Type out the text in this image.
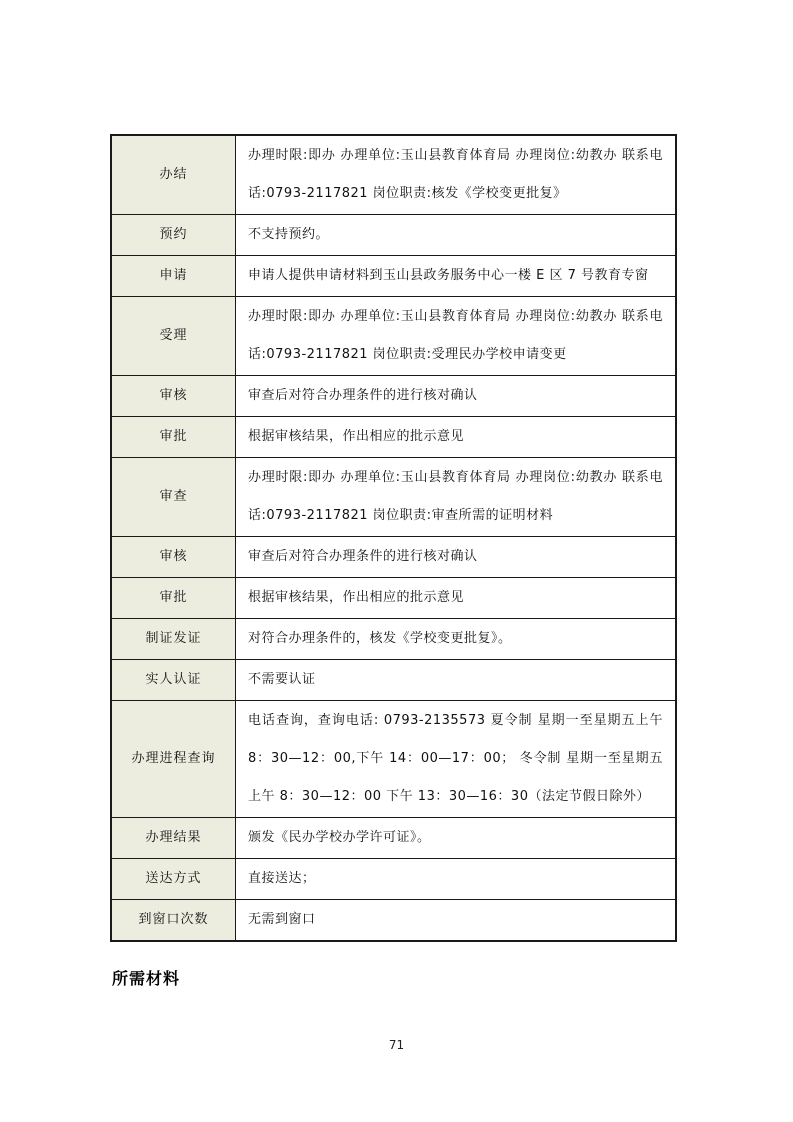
办结	办理时限:即办 办理单位:玉山县教育体育局 办理岗位:幼教办 联系电话:0793-2117821 岗位职责:核发《学校变更批复》
预约	不支持预约。
申请	申请人提供申请材料到玉山县政务服务中心一楼 E 区 7 号教育专窗
受理	办理时限:即办 办理单位:玉山县教育体育局 办理岗位:幼教办 联系电话:0793-2117821 岗位职责:受理民办学校申请变更
审核	审查后对符合办理条件的进行核对确认
审批	根据审核结果，作出相应的批示意见
审查	办理时限:即办 办理单位:玉山县教育体育局 办理岗位:幼教办 联系电话:0793-2117821 岗位职责:审查所需的证明材料
审核	审查后对符合办理条件的进行核对确认
审批	根据审核结果，作出相应的批示意见
制证发证	对符合办理条件的，核发《学校变更批复》。
实人认证	不需要认证
办理进程查询	电话查询，查询电话: 0793-2135573 夏令制 星期一至星期五上午 8：30—12：00,下午 14：00—17：00； 冬令制 星期一至星期五上午 8：30—12：00 下午 13：30—16：30（法定节假日除外）
办理结果	颁发《民办学校办学许可证》。
送达方式	直接送达；
到窗口次数	无需到窗口
所需材料
71
